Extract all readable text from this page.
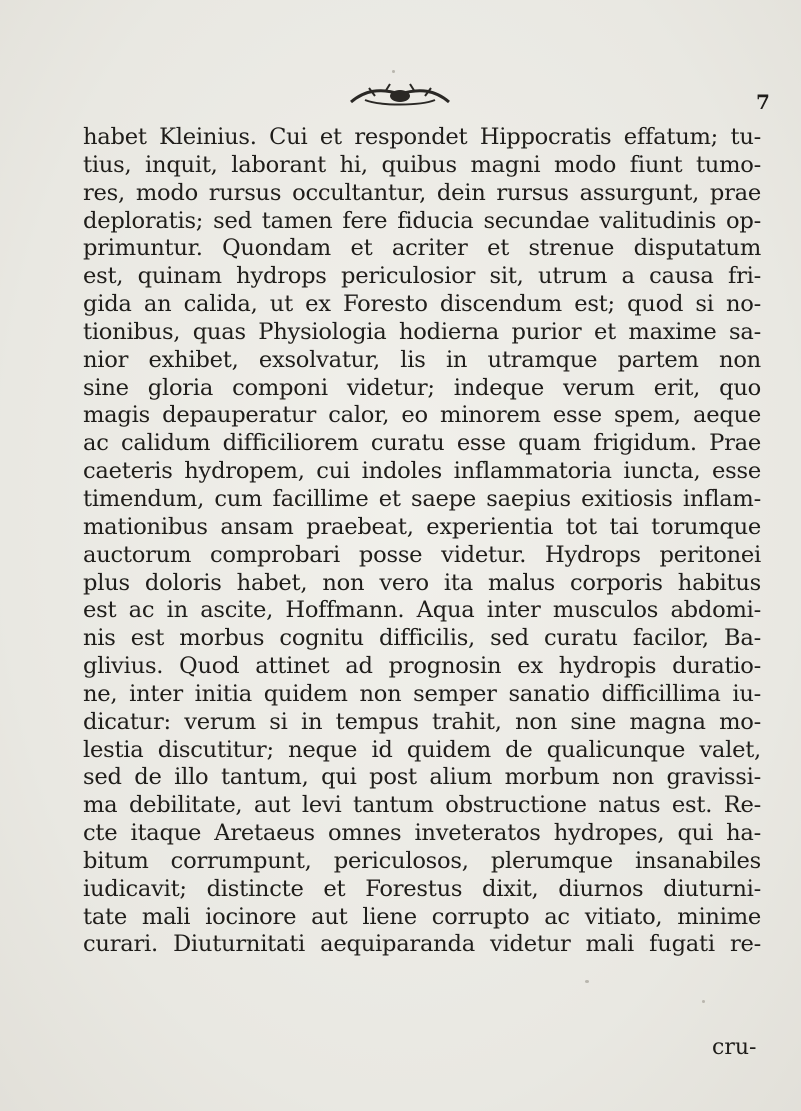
7
habet Kleinius. Cui et respondet Hippocratis effatum; tu-
tius, inquit, laborant hi, quibus magni modo fiunt tumo-
res, modo rursus occultantur, dein rursus assurgunt, prae
deploratis; sed tamen fere fiducia secundae valitudinis op-
primuntur. Quondam et acriter et strenue disputatum
est, quinam hydrops periculosior sit, utrum a causa fri-
gida an calida, ut ex Foresto discendum est; quod si no-
tionibus, quas Physiologia hodierna purior et maxime sa-
nior exhibet, exsolvatur, lis in utramque partem non
sine gloria componi videtur; indeque verum erit, quo
magis depauperatur calor, eo minorem esse spem, aeque
ac calidum difficiliorem curatu esse quam frigidum. Prae
caeteris hydropem, cui indoles inflammatoria iuncta, esse
timendum, cum facillime et saepe saepius exitiosis inflam-
mationibus ansam praebeat, experientia tot tai torumque
auctorum comprobari posse videtur. Hydrops peritonei
plus doloris habet, non vero ita malus corporis habitus
est ac in ascite, Hoffmann. Aqua inter musculos abdomi-
nis est morbus cognitu difficilis, sed curatu facilor, Ba-
glivius. Quod attinet ad prognosin ex hydropis duratio-
ne, inter initia quidem non semper sanatio difficillima iu-
dicatur: verum si in tempus trahit, non sine magna mo-
lestia discutitur; neque id quidem de qualicunque valet,
sed de illo tantum, qui post alium morbum non gravissi-
ma debilitate, aut levi tantum obstructione natus est. Re-
cte itaque Aretaeus omnes inveteratos hydropes, qui ha-
bitum corrumpunt, periculosos, plerumque insanabiles
iudicavit; distincte et Forestus dixit, diurnos diuturni-
tate mali iocinore aut liene corrupto ac vitiato, minime
curari. Diuturnitati aequiparanda videtur mali fugati re-
cru-
